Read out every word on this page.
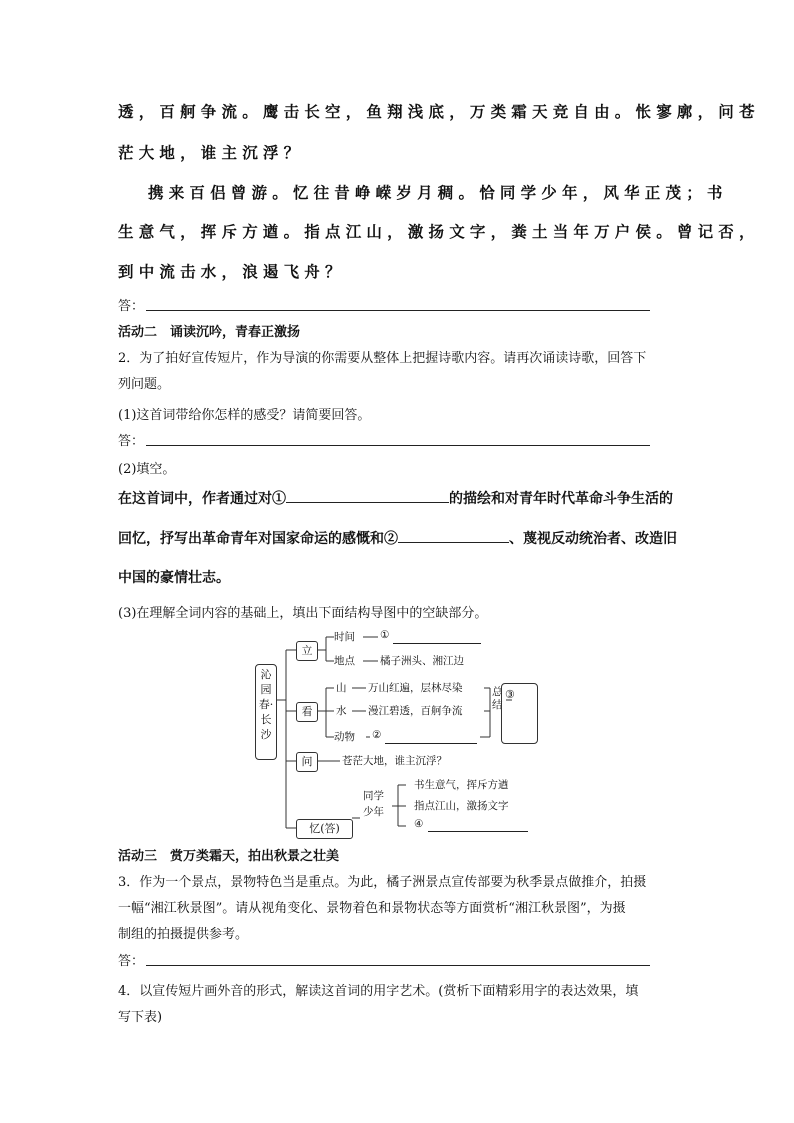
透，百舸争流。鹰击长空，鱼翔浅底，万类霜天竞自由。怅寥廓，问苍
茫大地，谁主沉浮？
携来百侣曾游。忆往昔峥嵘岁月稠。恰同学少年，风华正茂；书
生意气，挥斥方遒。指点江山，激扬文字，粪土当年万户侯。曾记否，
到中流击水，浪遏飞舟？
答：
活动二　诵读沉吟，青春正激扬
2．为了拍好宣传短片，作为导演的你需要从整体上把握诗歌内容。请再次诵读诗歌，回答下
列问题。
(1)这首词带给你怎样的感受？请简要回答。
答：
(2)填空。
在这首词中，作者通过对①	的描绘和对青年时代革命斗争生活的
回忆，抒写出革命青年对国家命运的感慨和②	、蔑视反动统治者、改造旧
中国的豪情壮志。
(3)在理解全词内容的基础上，填出下面结构导图中的空缺部分。
沁园春·长沙
立
看
问
忆(答)
时间 ①
地点 橘子洲头、湘江边
山 万山红遍，层林尽染
水 漫江碧透，百舸争流
动物 ②
总结
③
苍茫大地，谁主沉浮？
同学
少年
书生意气，挥斥方遒
指点江山，激扬文字
④
活动三　赏万类霜天，拍出秋景之壮美
3．作为一个景点，景物特色当是重点。为此，橘子洲景点宣传部要为秋季景点做推介，拍摄
一幅“湘江秋景图”。请从视角变化、景物着色和景物状态等方面赏析“湘江秋景图”，为摄
制组的拍摄提供参考。
答：
4．以宣传短片画外音的形式，解读这首词的用字艺术。(赏析下面精彩用字的表达效果，填
写下表)
